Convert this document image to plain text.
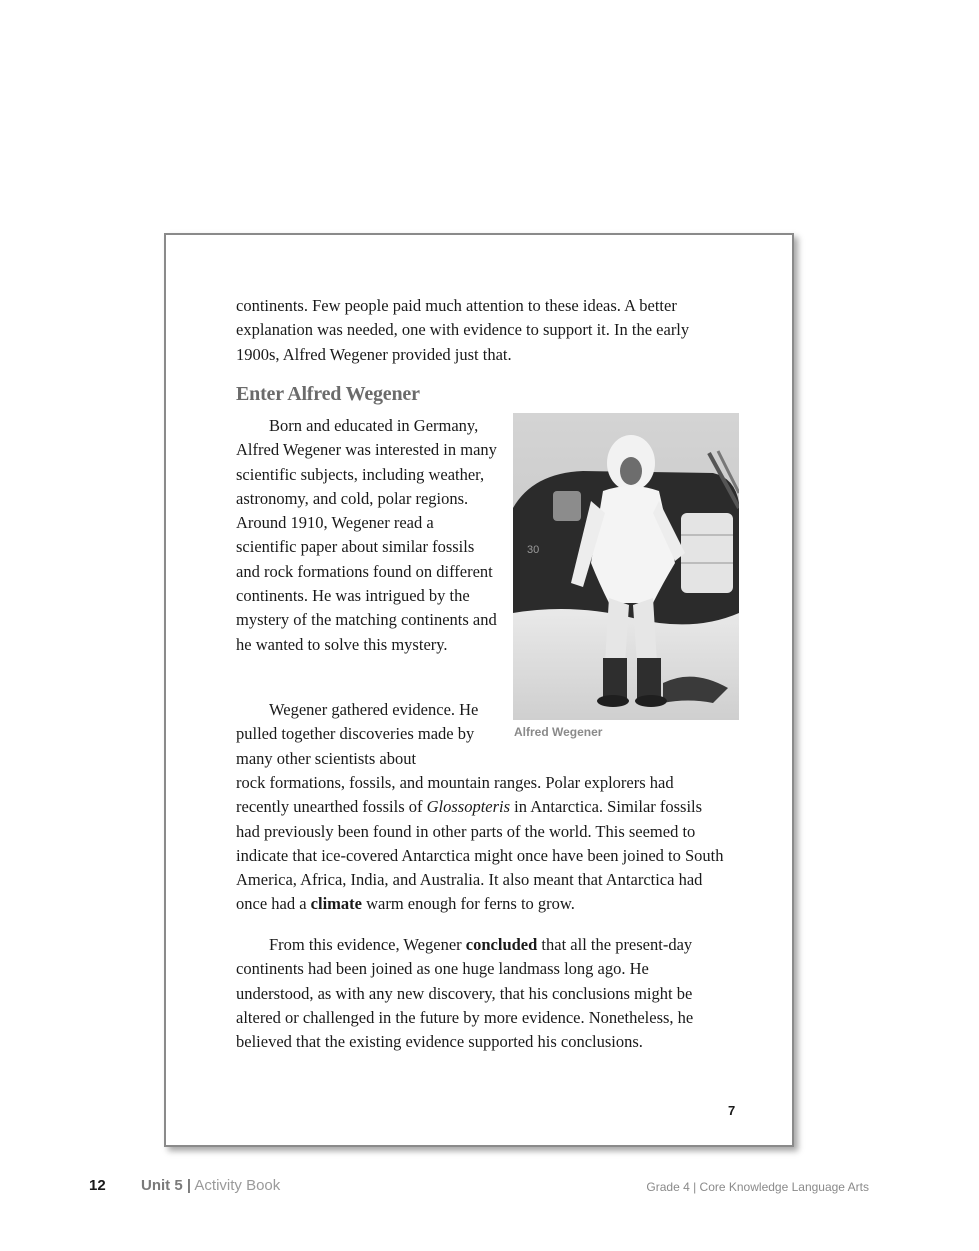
continents. Few people paid much attention to these ideas. A better explanation was needed, one with evidence to support it. In the early 1900s, Alfred Wegener provided just that.

Enter Alfred Wegener

Born and educated in Germany, Alfred Wegener was interested in many scientific subjects, including weather, astronomy, and cold, polar regions. Around 1910, Wegener read a scientific paper about similar fossils and rock formations found on different continents. He was intrigued by the mystery of the matching continents and he wanted to solve this mystery.

30
Alfred Wegener

Wegener gathered evidence. He pulled together discoveries made by many other scientists about

rock formations, fossils, and mountain ranges. Polar explorers had recently unearthed fossils of Glossopteris in Antarctica. Similar fossils had previously been found in other parts of the world. This seemed to indicate that ice-covered Antarctica might once have been joined to South America, Africa, India, and Australia. It also meant that Antarctica had once had a climate warm enough for ferns to grow.

From this evidence, Wegener concluded that all the present-day continents had been joined as one huge landmass long ago. He understood, as with any new discovery, that his conclusions might be altered or challenged in the future by more evidence. Nonetheless, he believed that the existing evidence supported his conclusions.

7
12 Unit 5 | Activity Book	Grade 4 | Core Knowledge Language Arts
